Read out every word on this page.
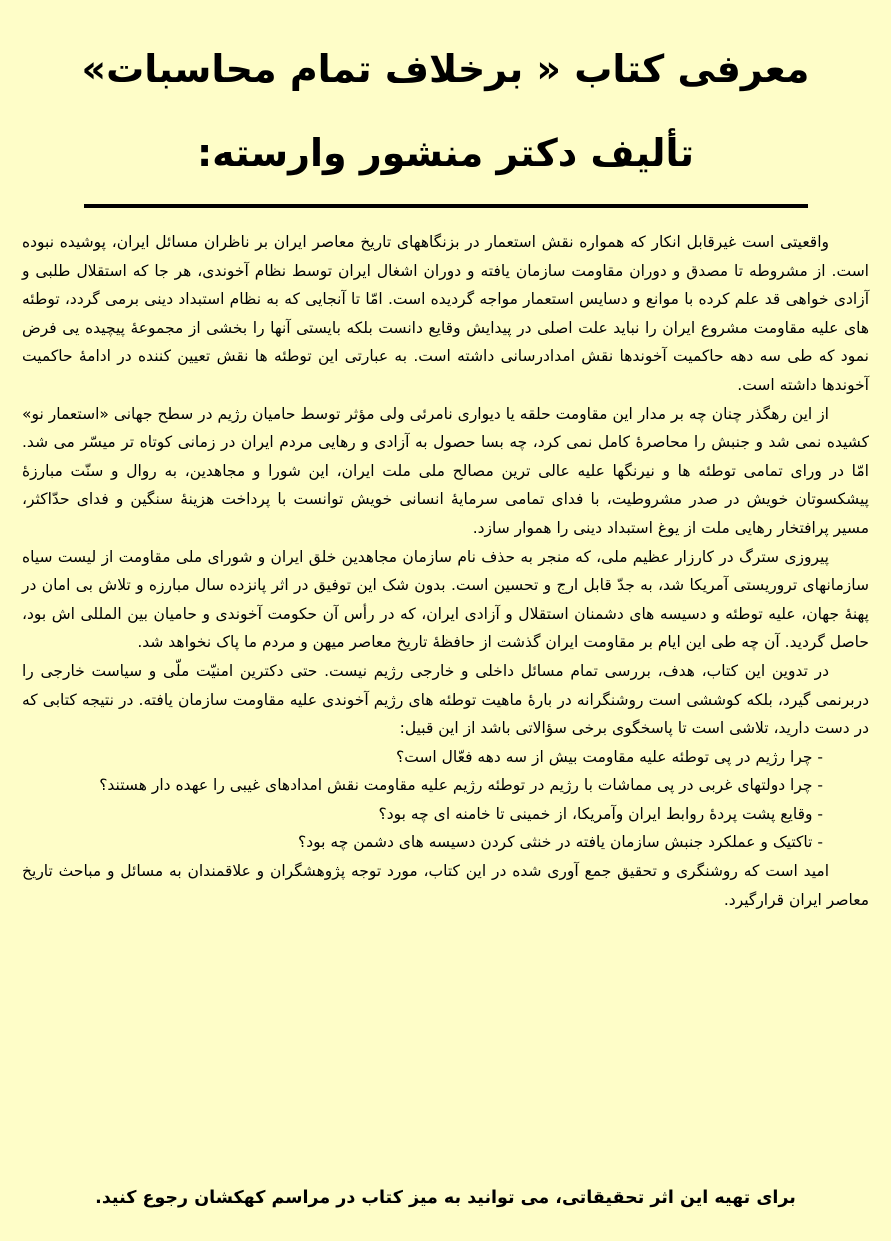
معرفی کتاب « برخلاف تمام محاسبات»
تألیف دکتر منشور وارسته:

واقعیتی است غیرقابل انکار که همواره نقش استعمار در بزنگاههای تاریخ معاصر ایران بر ناظران مسائل ایران، پوشیده نبوده است. از مشروطه تا مصدق و دوران مقاومت سازمان یافته و دوران اشغال ایران توسط نظام آخوندی، هر جا که استقلال طلبی و آزادی خواهی قد علم کرده با موانع و دسایس استعمار مواجه گردیده است. امّا تا آنجایی که به نظام استبداد دینی برمی گردد، توطئه های علیه مقاومت مشروع ایران را نباید علت اصلی در پیدایش وقایع دانست بلکه بایستی آنها را بخشی از مجموعهٔ پیچیده یی فرض نمود که طی سه دهه حاکمیت آخوندها نقش امدادرسانی داشته است. به عبارتی این توطئه ها نقش تعیین کننده در ادامهٔ حاکمیت آخوندها داشته است.

از این رهگذر چنان چه بر مدار این مقاومت حلقه یا دیواری نامرئی ولی مؤثر توسط حامیان رژیم در سطح جهانی «استعمار نو» کشیده نمی شد و جنبش را محاصرهٔ کامل نمی کرد، چه بسا حصول به آزادی و رهایی مردم ایران در زمانی کوتاه تر میسّر می شد. امّا در ورای تمامی توطئه ها و نیرنگها علیه عالی ترین مصالح ملی ملت ایران، این شورا و مجاهدین، به روال و سنّت مبارزهٔ پیشکسوتان خویش در صدر مشروطیت، با فدای تمامی سرمایهٔ انسانی خویش توانست با پرداخت هزینهٔ سنگین و فدای حدّاکثر، مسیر پرافتخار رهایی ملت از یوغ استبداد دینی را هموار سازد.

پیروزی سترگ در کارزار عظیم ملی، که منجر به حذف نام سازمان مجاهدین خلق ایران و شورای ملی مقاومت از لیست سیاه سازمانهای تروریستی آمریکا شد، به جدّ قابل ارج و تحسین است. بدون شک این توفیق در اثر پانزده سال مبارزه و تلاش بی امان در پهنهٔ جهان، علیه توطئه و دسیسه های دشمنان استقلال و آزادی ایران، که در رأس آن حکومت آخوندی و حامیان بین المللی اش بود، حاصل گردید. آن چه طی این ایام بر مقاومت ایران گذشت از حافظهٔ تاریخ معاصر میهن و مردم ما پاک نخواهد شد.

در تدوین این کتاب، هدف، بررسی تمام مسائل داخلی و خارجی رژیم نیست. حتی دکترین امنیّت ملّی و سیاست خارجی را دربرنمی گیرد، بلکه کوششی است روشنگرانه در بارهٔ ماهیت توطئه های رژیم آخوندی علیه مقاومت سازمان یافته. در نتیجه کتابی که در دست دارید، تلاشی است تا پاسخگوی برخی سؤالاتی باشد از این قبیل:

- چرا رژیم در پی توطئه علیه مقاومت بیش از سه دهه فعّال است؟

- چرا دولتهای غربی در پی مماشات با رژیم در توطئه رژیم علیه مقاومت نقش امدادهای غیبی را عهده دار هستند؟

- وقایع پشت پردهٔ روابط ایران وآمریکا، از خمینی تا خامنه ای چه بود؟

- تاکتیک و عملکرد جنبش سازمان یافته در خنثی کردن دسیسه های دشمن چه بود؟

امید است که روشنگری و تحقیق جمع آوری شده در این کتاب، مورد توجه پژوهشگران و علاقمندان به مسائل و مباحث تاریخ معاصر ایران قرارگیرد.

برای تهیه این اثر تحقیقاتی، می توانید به میز کتاب در مراسم کهکشان رجوع کنید.
